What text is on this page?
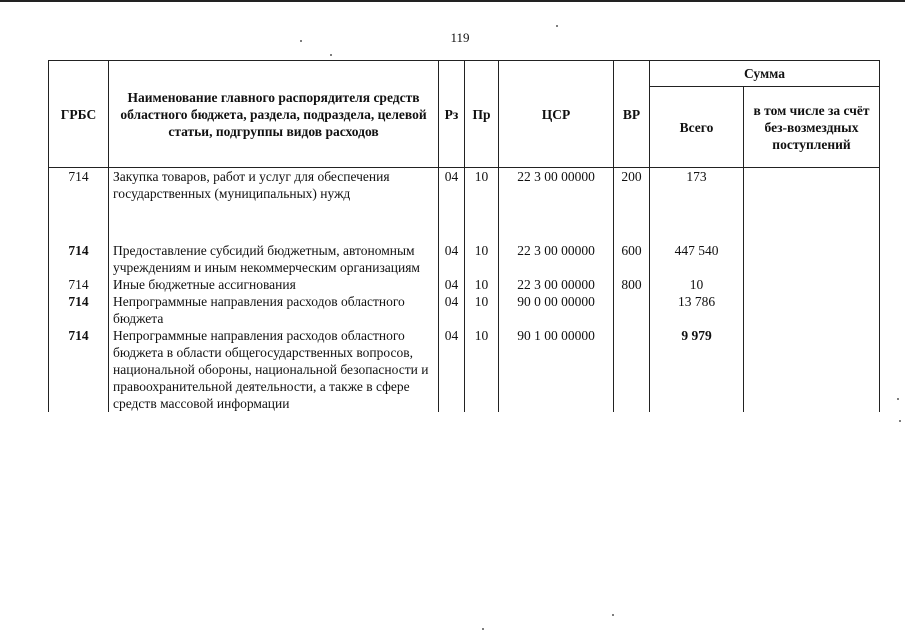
119
ГРБС	Наименование главного распорядителя средств областного бюджета, раздела, подраздела, целевой статьи, подгруппы видов расходов	Рз	Пр	ЦСР	ВР	Сумма	
						Всего	в том числе за счёт без-возмездных поступлений
714	Закупка товаров, работ и услуг для обеспечения государственных (муниципальных) нужд	04	10	22 3 00 00000	200	173	
714	Предоставление субсидий бюджетным, автономным учреждениям и иным некоммерческим организациям	04	10	22 3 00 00000	600	447 540	
714	Иные бюджетные ассигнования	04	10	22 3 00 00000	800	10	
714	Непрограммные направления расходов областного бюджета	04	10	90 0 00 00000		13 786	
714	Непрограммные направления расходов областного бюджета в области общегосударственных вопросов, национальной обороны, национальной безопасности и правоохранительной деятельности, а также в сфере средств массовой информации	04	10	90 1 00 00000		9 979	
